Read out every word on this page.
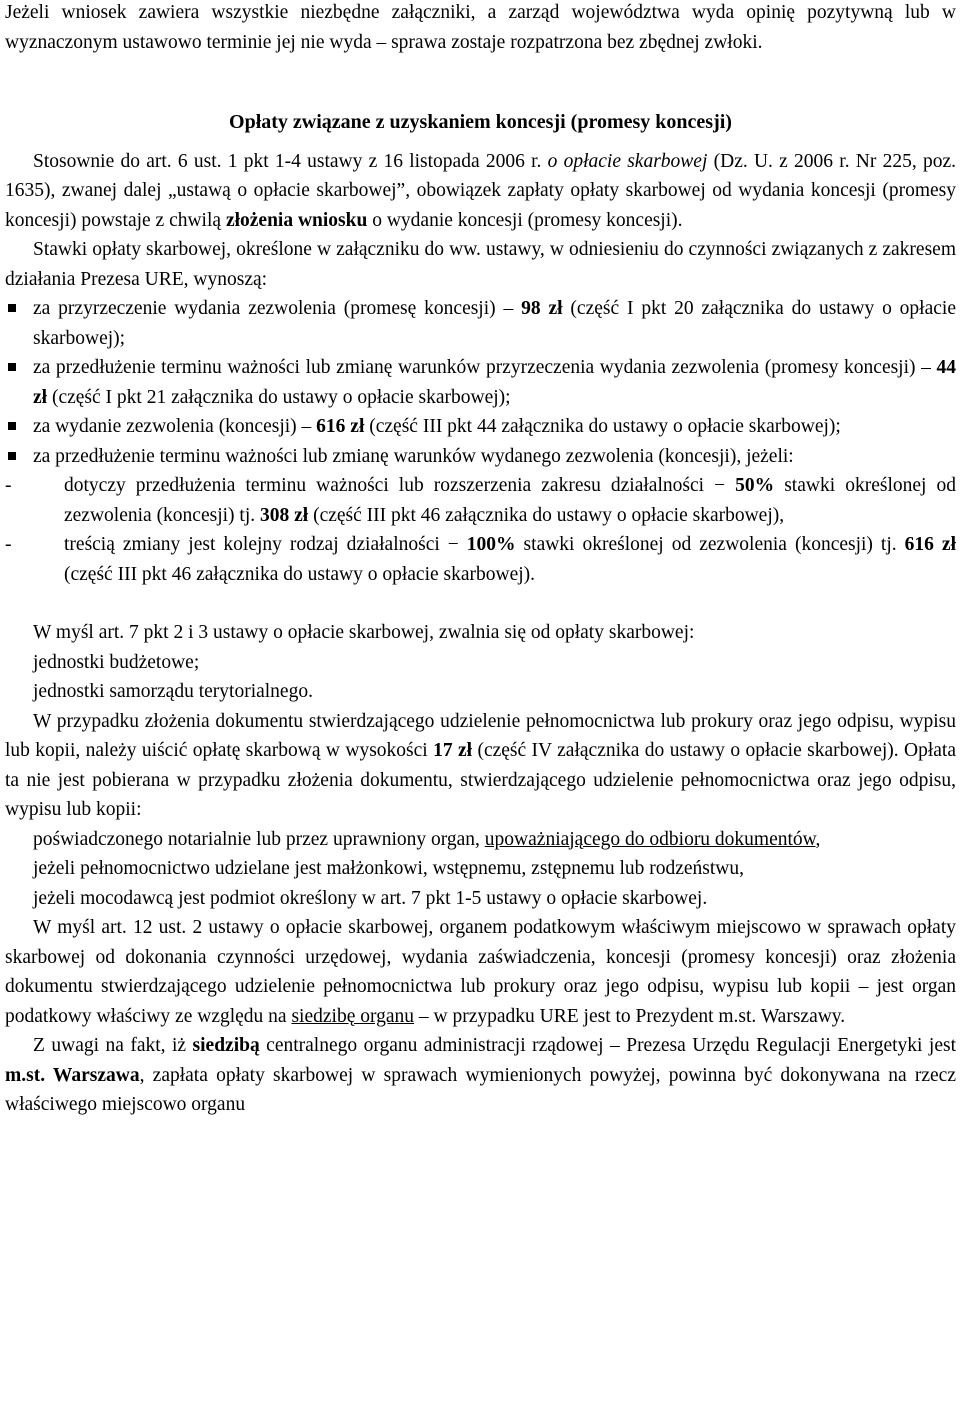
Jeżeli wniosek zawiera wszystkie niezbędne załączniki, a zarząd województwa wyda opinię pozytywną lub w wyznaczonym ustawowo terminie jej nie wyda – sprawa zostaje rozpatrzona bez zbędnej zwłoki.

Opłaty związane z uzyskaniem koncesji (promesy koncesji)

Stosownie do art. 6 ust. 1 pkt 1-4 ustawy z 16 listopada 2006 r. o opłacie skarbowej (Dz. U. z 2006 r. Nr 225, poz. 1635), zwanej dalej „ustawą o opłacie skarbowej”, obowiązek zapłaty opłaty skarbowej od wydania koncesji (promesy koncesji) powstaje z chwilą złożenia wniosku o wydanie koncesji (promesy koncesji).

Stawki opłaty skarbowej, określone w załączniku do ww. ustawy, w odniesieniu do czynności związanych z zakresem działania Prezesa URE, wynoszą:

za przyrzeczenie wydania zezwolenia (promesę koncesji) – 98 zł (część I pkt 20 załącznika do ustawy o opłacie skarbowej);

za przedłużenie terminu ważności lub zmianę warunków przyrzeczenia wydania zezwolenia (promesy koncesji) – 44 zł (część I pkt 21 załącznika do ustawy o opłacie skarbowej);

za wydanie zezwolenia (koncesji) – 616 zł (część III pkt 44 załącznika do ustawy o opłacie skarbowej);

za przedłużenie terminu ważności lub zmianę warunków wydanego zezwolenia (koncesji), jeżeli:

-	dotyczy przedłużenia terminu ważności lub rozszerzenia zakresu działalności − 50% stawki określonej od zezwolenia (koncesji) tj. 308 zł (część III pkt 46 załącznika do ustawy o opłacie skarbowej),

-	treścią zmiany jest kolejny rodzaj działalności − 100% stawki określonej od zezwolenia (koncesji) tj. 616 zł (część III pkt 46 załącznika do ustawy o opłacie skarbowej).

W myśl art. 7 pkt 2 i 3 ustawy o opłacie skarbowej, zwalnia się od opłaty skarbowej:

jednostki budżetowe;

jednostki samorządu terytorialnego.

W przypadku złożenia dokumentu stwierdzającego udzielenie pełnomocnictwa lub prokury oraz jego odpisu, wypisu lub kopii, należy uiścić opłatę skarbową w wysokości 17 zł (część IV załącznika do ustawy o opłacie skarbowej). Opłata ta nie jest pobierana w przypadku złożenia dokumentu, stwierdzającego udzielenie pełnomocnictwa oraz jego odpisu, wypisu lub kopii:

poświadczonego notarialnie lub przez uprawniony organ, upoważniającego do odbioru dokumentów,

jeżeli pełnomocnictwo udzielane jest małżonkowi, wstępnemu, zstępnemu lub rodzeństwu,

jeżeli mocodawcą jest podmiot określony w art. 7 pkt 1-5 ustawy o opłacie skarbowej.

W myśl art. 12 ust. 2 ustawy o opłacie skarbowej, organem podatkowym właściwym miejscowo w sprawach opłaty skarbowej od dokonania czynności urzędowej, wydania zaświadczenia, koncesji (promesy koncesji) oraz złożenia dokumentu stwierdzającego udzielenie pełnomocnictwa lub prokury oraz jego odpisu, wypisu lub kopii – jest organ podatkowy właściwy ze względu na siedzibę organu – w przypadku URE jest to Prezydent m.st. Warszawy.

Z uwagi na fakt, iż siedzibą centralnego organu administracji rządowej – Prezesa Urzędu Regulacji Energetyki jest m.st. Warszawa, zapłata opłaty skarbowej w sprawach wymienionych powyżej, powinna być dokonywana na rzecz właściwego miejscowo organu
